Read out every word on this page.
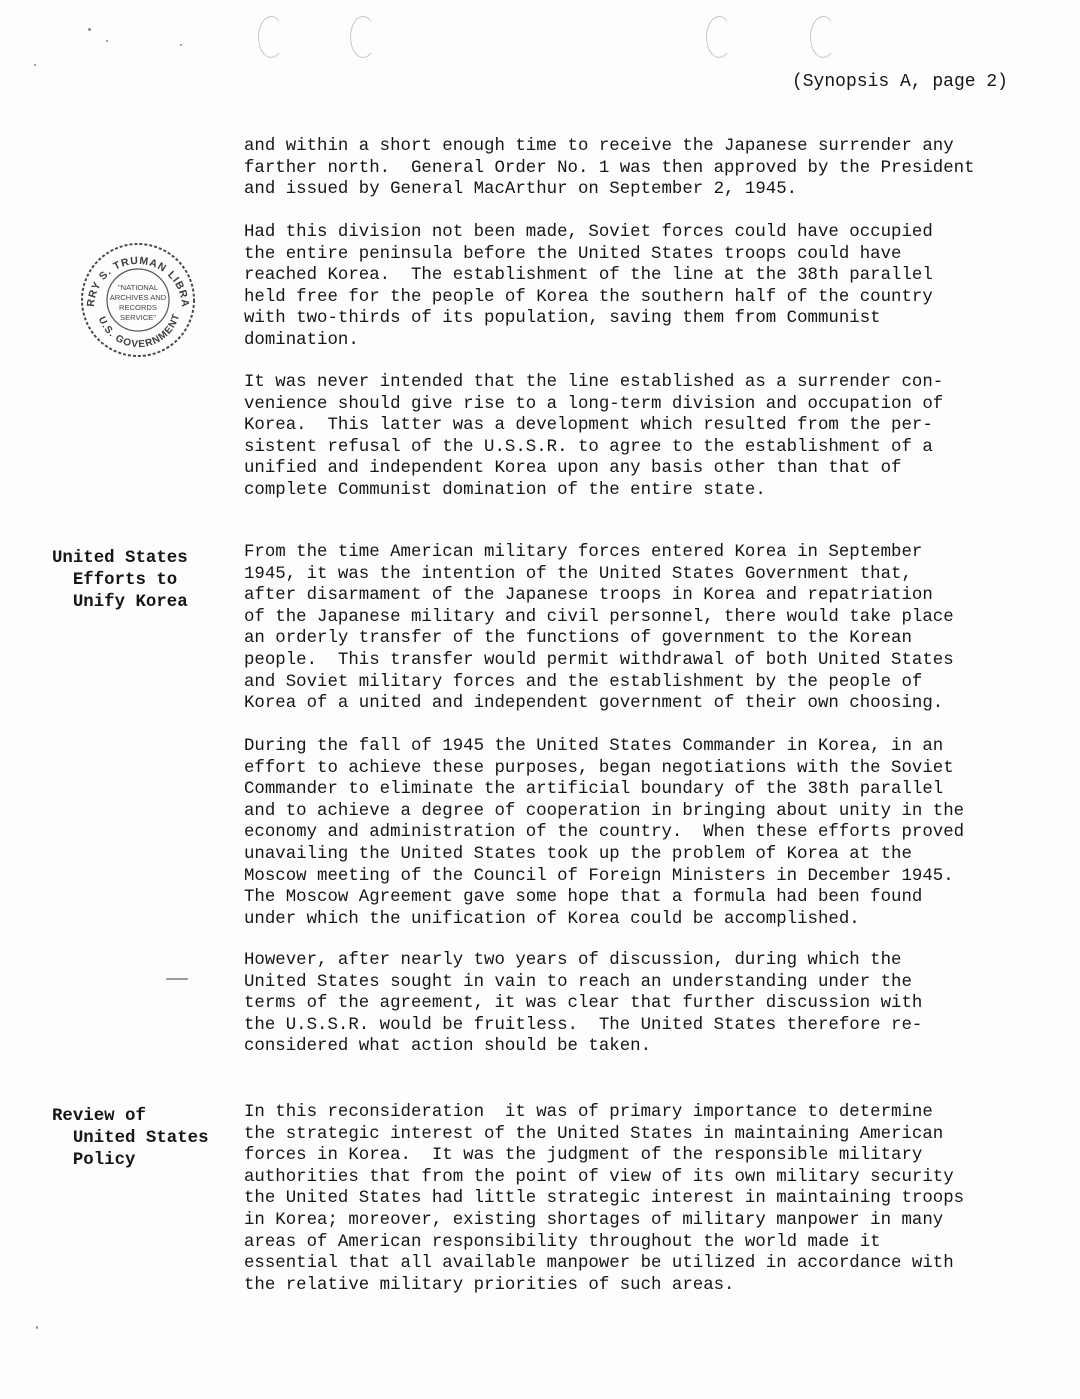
(Synopsis A, page 2)
RRY S. TRUMAN LIBRA
U.S. GOVERNMENT
"NATIONAL
ARCHIVES AND
RECORDS
SERVICE"

and within a short enough time to receive the Japanese surrender any
farther north.  General Order No. 1 was then approved by the President
and issued by General MacArthur on September 2, 1945.

Had this division not been made, Soviet forces could have occupied
the entire peninsula before the United States troops could have
reached Korea.  The establishment of the line at the 38th parallel
held free for the people of Korea the southern half of the country
with two-thirds of its population, saving them from Communist
domination.

It was never intended that the line established as a surrender con-
venience should give rise to a long-term division and occupation of
Korea.  This latter was a development which resulted from the per-
sistent refusal of the U.S.S.R. to agree to the establishment of a
unified and independent Korea upon any basis other than that of
complete Communist domination of the entire state.

United States
Efforts to
Unify Korea

From the time American military forces entered Korea in September
1945, it was the intention of the United States Government that,
after disarmament of the Japanese troops in Korea and repatriation
of the Japanese military and civil personnel, there would take place
an orderly transfer of the functions of government to the Korean
people.  This transfer would permit withdrawal of both United States
and Soviet military forces and the establishment by the people of
Korea of a united and independent government of their own choosing.

During the fall of 1945 the United States Commander in Korea, in an
effort to achieve these purposes, began negotiations with the Soviet
Commander to eliminate the artificial boundary of the 38th parallel
and to achieve a degree of cooperation in bringing about unity in the
economy and administration of the country.  When these efforts proved
unavailing the United States took up the problem of Korea at the
Moscow meeting of the Council of Foreign Ministers in December 1945.
The Moscow Agreement gave some hope that a formula had been found
under which the unification of Korea could be accomplished.

However, after nearly two years of discussion, during which the
United States sought in vain to reach an understanding under the
terms of the agreement, it was clear that further discussion with
the U.S.S.R. would be fruitless.  The United States therefore re-
considered what action should be taken.

Review of
United States
Policy

In this reconsideration  it was of primary importance to determine
the strategic interest of the United States in maintaining American
forces in Korea.  It was the judgment of the responsible military
authorities that from the point of view of its own military security
the United States had little strategic interest in maintaining troops
in Korea; moreover, existing shortages of military manpower in many
areas of American responsibility throughout the world made it
essential that all available manpower be utilized in accordance with
the relative military priorities of such areas.
